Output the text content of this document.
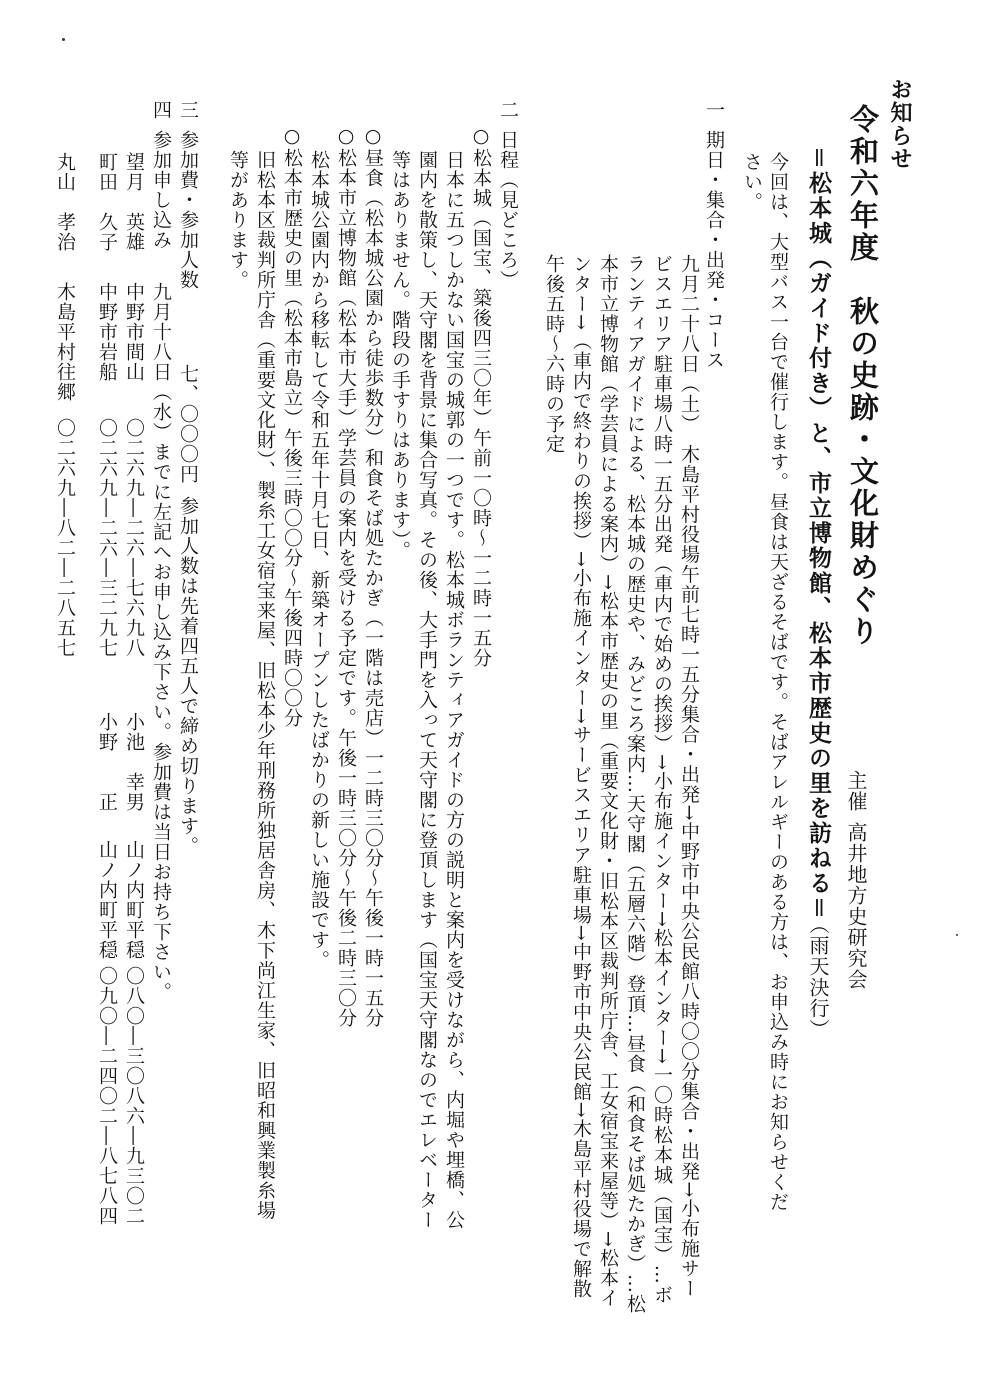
お知らせ
令和六年度　秋の史跡・文化財めぐり
＝松本城（ガイド付き）と、市立博物館、松本市歴史の里を訪ねる＝
（雨天決行）
主催
高井地方史研究会
今回は、大型バス一台で催行します。昼食は天ざるそばです。そばアレルギーのある方は、お申込み時にお知らせくだ
さい。
一
期日・集合・出発・コース
九月二十八日（土）　木島平村役場午前七時一五分集合・出発→中野市中央公民館八時〇〇分集合・出発→小布施サー
ビスエリア駐車場八時一五分出発（車内で始めの挨拶）→小布施インター→松本インター→一〇時松本城（国宝）…ボ
ランティアガイドによる、松本城の歴史や、みどころ案内…天守閣（五層六階）登頂…昼食（和食そば処たかぎ）…松
本市立博物館（学芸員による案内）→松本市歴史の里（重要文化財・旧松本区裁判所庁舎、工女宿宝来屋等）→松本イ
ンター→（車内で終わりの挨拶）→小布施インター→サービスエリア駐車場→中野市中央公民館→木島平村役場で解散
午後五時～六時の予定
二
日程（見どころ）
○松本城（国宝、築後四三〇年）午前一〇時～一二時一五分
日本に五つしかない国宝の城郭の一つです。松本城ボランティアガイドの方の説明と案内を受けながら、内堀や埋橋、公
園内を散策し、天守閣を背景に集合写真。その後、大手門を入って天守閣に登頂します（国宝天守閣なのでエレベーター
等はありません。階段の手すりはあります）。
○昼食（松本城公園から徒歩数分）和食そば処たかぎ（一階は売店）一二時三〇分～午後一時一五分
○松本市立博物館（松本市大手）学芸員の案内を受ける予定です。午後一時三〇分～午後二時三〇分
松本城公園内から移転して令和五年十月七日、新築オープンしたばかりの新しい施設です。
○松本市歴史の里（松本市島立）午後三時〇〇分～午後四時〇〇分
旧松本区裁判所庁舎（重要文化財）、製糸工女宿宝来屋、旧松本少年刑務所独居舎房、木下尚江生家、旧昭和興業製糸場
等があります。
三
参加費・参加人数
七、〇〇〇円
参加人数は先着四五人で締め切ります。
四
参加申し込み
九月十八日（水）までに左記へお申し込み下さい。参加費は当日お持ち下さい。
小池　幸男
山ノ内町平穏
〇八〇―三〇八六―九三〇二
小野　　正
山ノ内町平穏
〇九〇―二四〇二―八七八四
望月　英雄
中野市間山
〇二六九―二六―七六九八
町田　久子
中野市岩船
〇二六九―二六―三二九七
丸山　孝治
木島平村往郷
〇二六九―八二―二八五七
